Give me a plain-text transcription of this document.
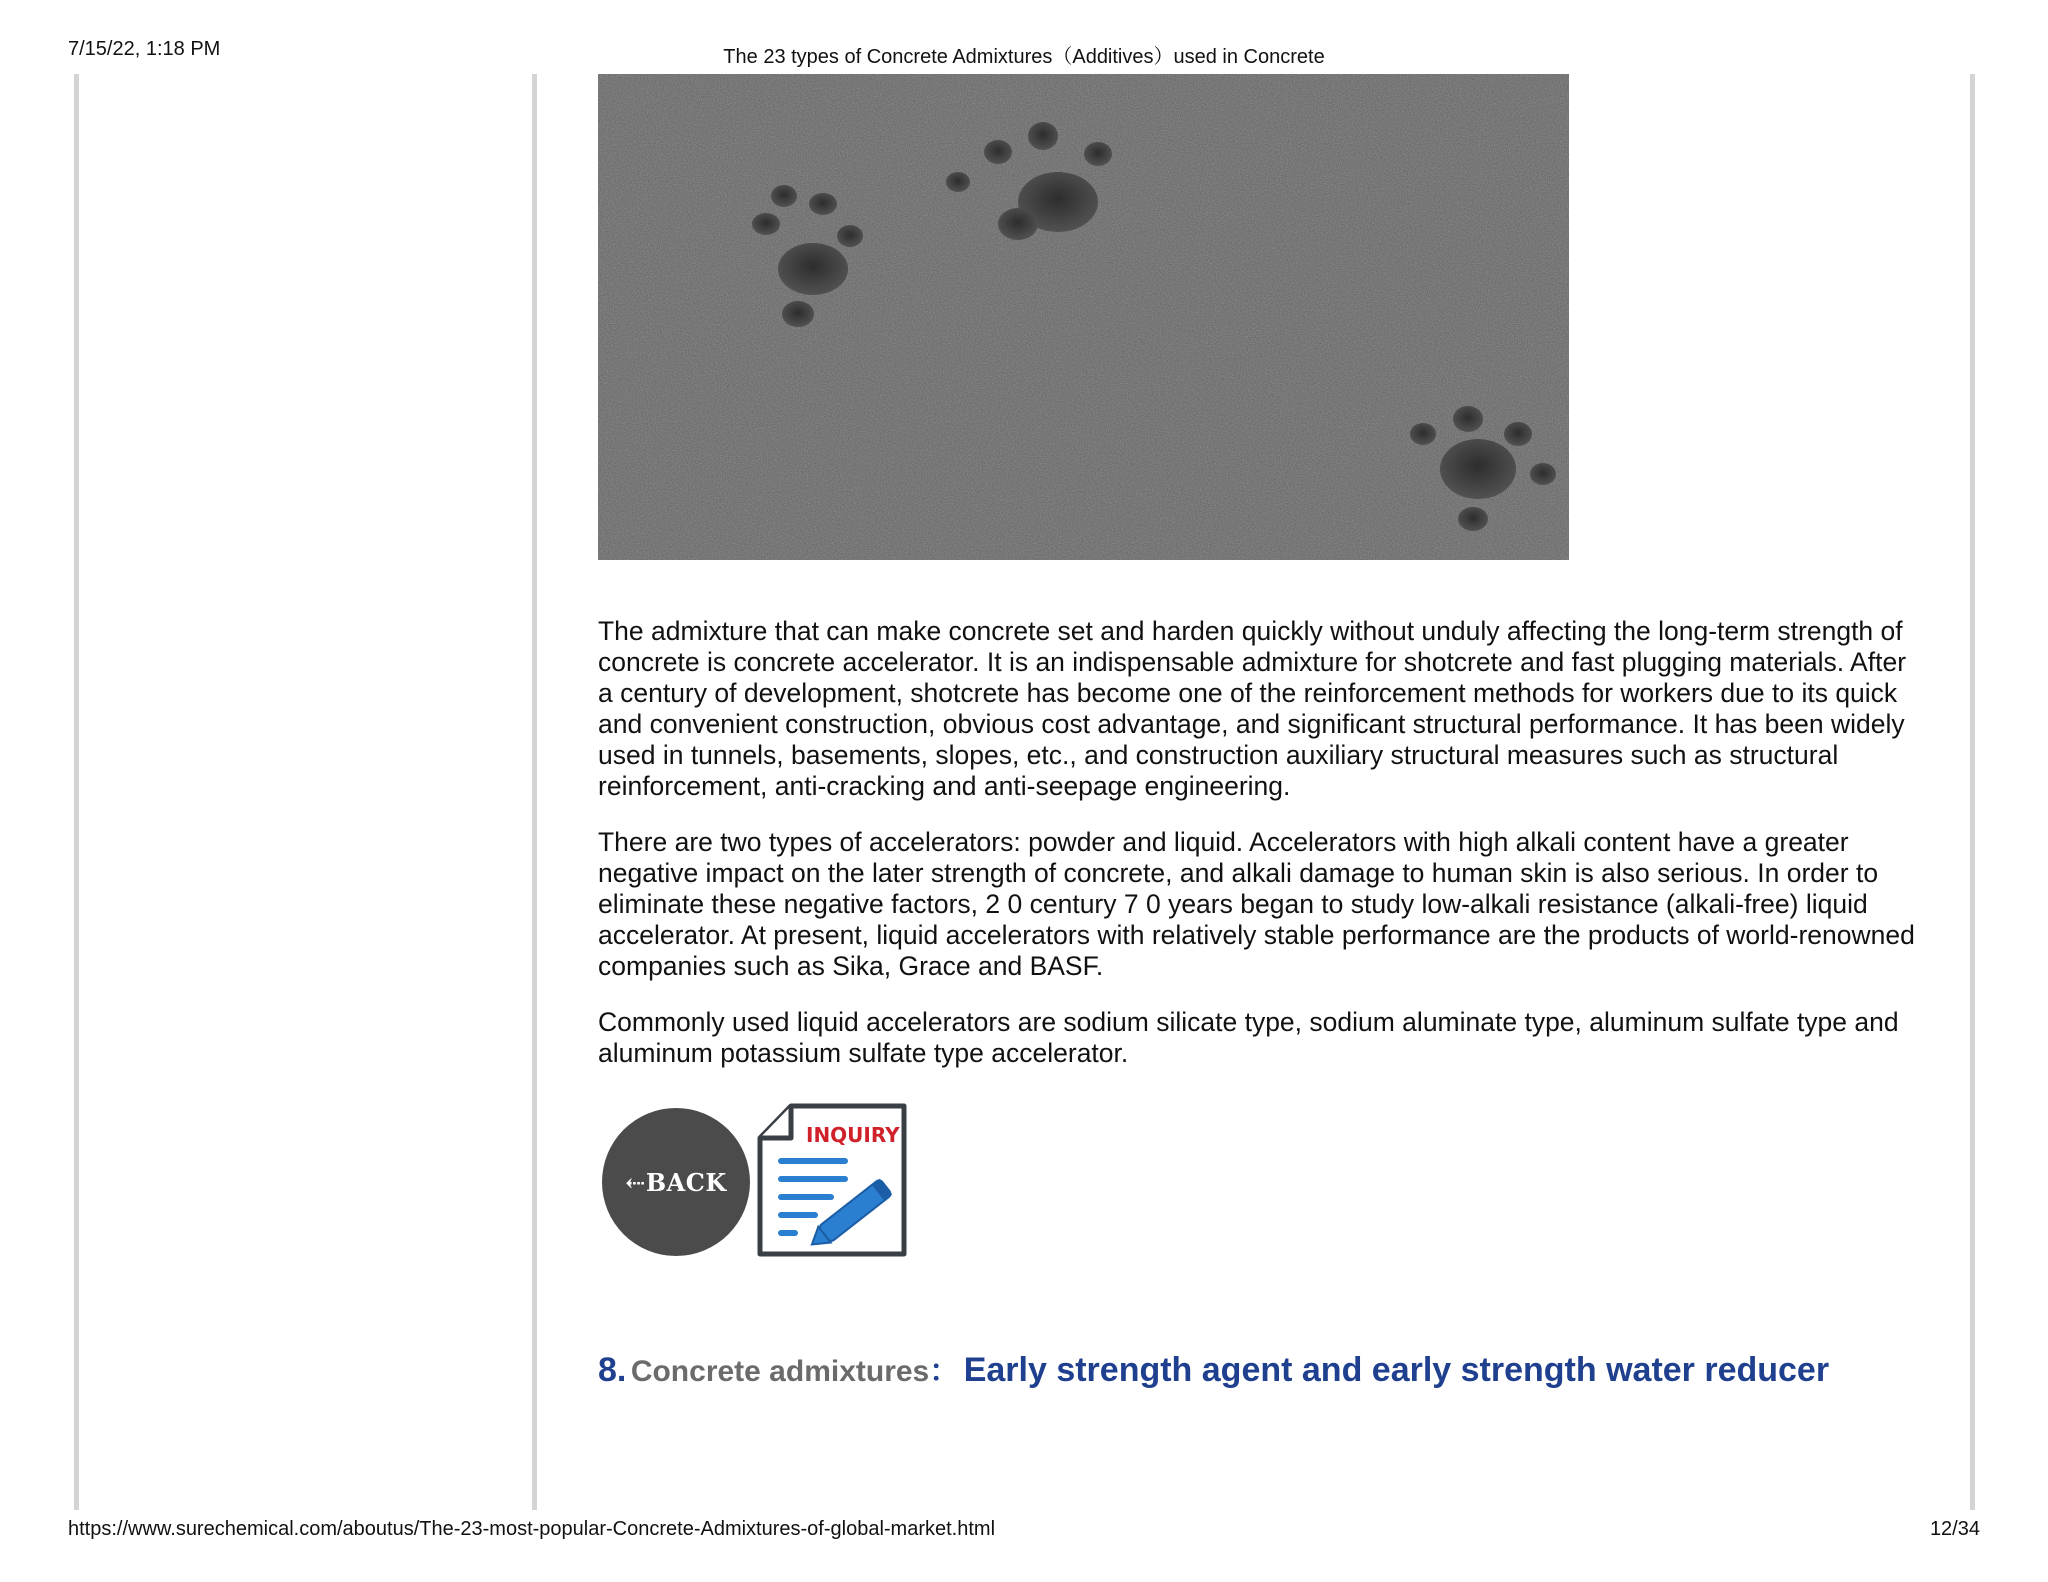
7/15/22, 1:18 PM	The 23 types of Concrete Admixtures（Additives）used in Concrete

The admixture that can make concrete set and harden quickly without unduly affecting the long-term strength of concrete is concrete accelerator. It is an indispensable admixture for shotcrete and fast plugging materials. After a century of development, shotcrete has become one of the reinforcement methods for workers due to its quick and convenient construction, obvious cost advantage, and significant structural performance. It has been widely used in tunnels, basements, slopes, etc., and construction auxiliary structural measures such as structural reinforcement, anti-cracking and anti-seepage engineering.

There are two types of accelerators: powder and liquid. Accelerators with high alkali content have a greater negative impact on the later strength of concrete, and alkali damage to human skin is also serious. In order to eliminate these negative factors, 2 0 century 7 0 years began to study low-alkali resistance (alkali-free) liquid accelerator. At present, liquid accelerators with relatively stable performance are the products of world-renowned companies such as Sika, Grace and BASF.

Commonly used liquid accelerators are sodium silicate type, sodium aluminate type, aluminum sulfate type and aluminum potassium sulfate type accelerator.

⇠ BACK
INQUIRY
8. Concrete admixtures： Early strength agent and early strength water reducer
https://www.surechemical.com/aboutus/The-23-most-popular-Concrete-Admixtures-of-global-market.html	12/34
